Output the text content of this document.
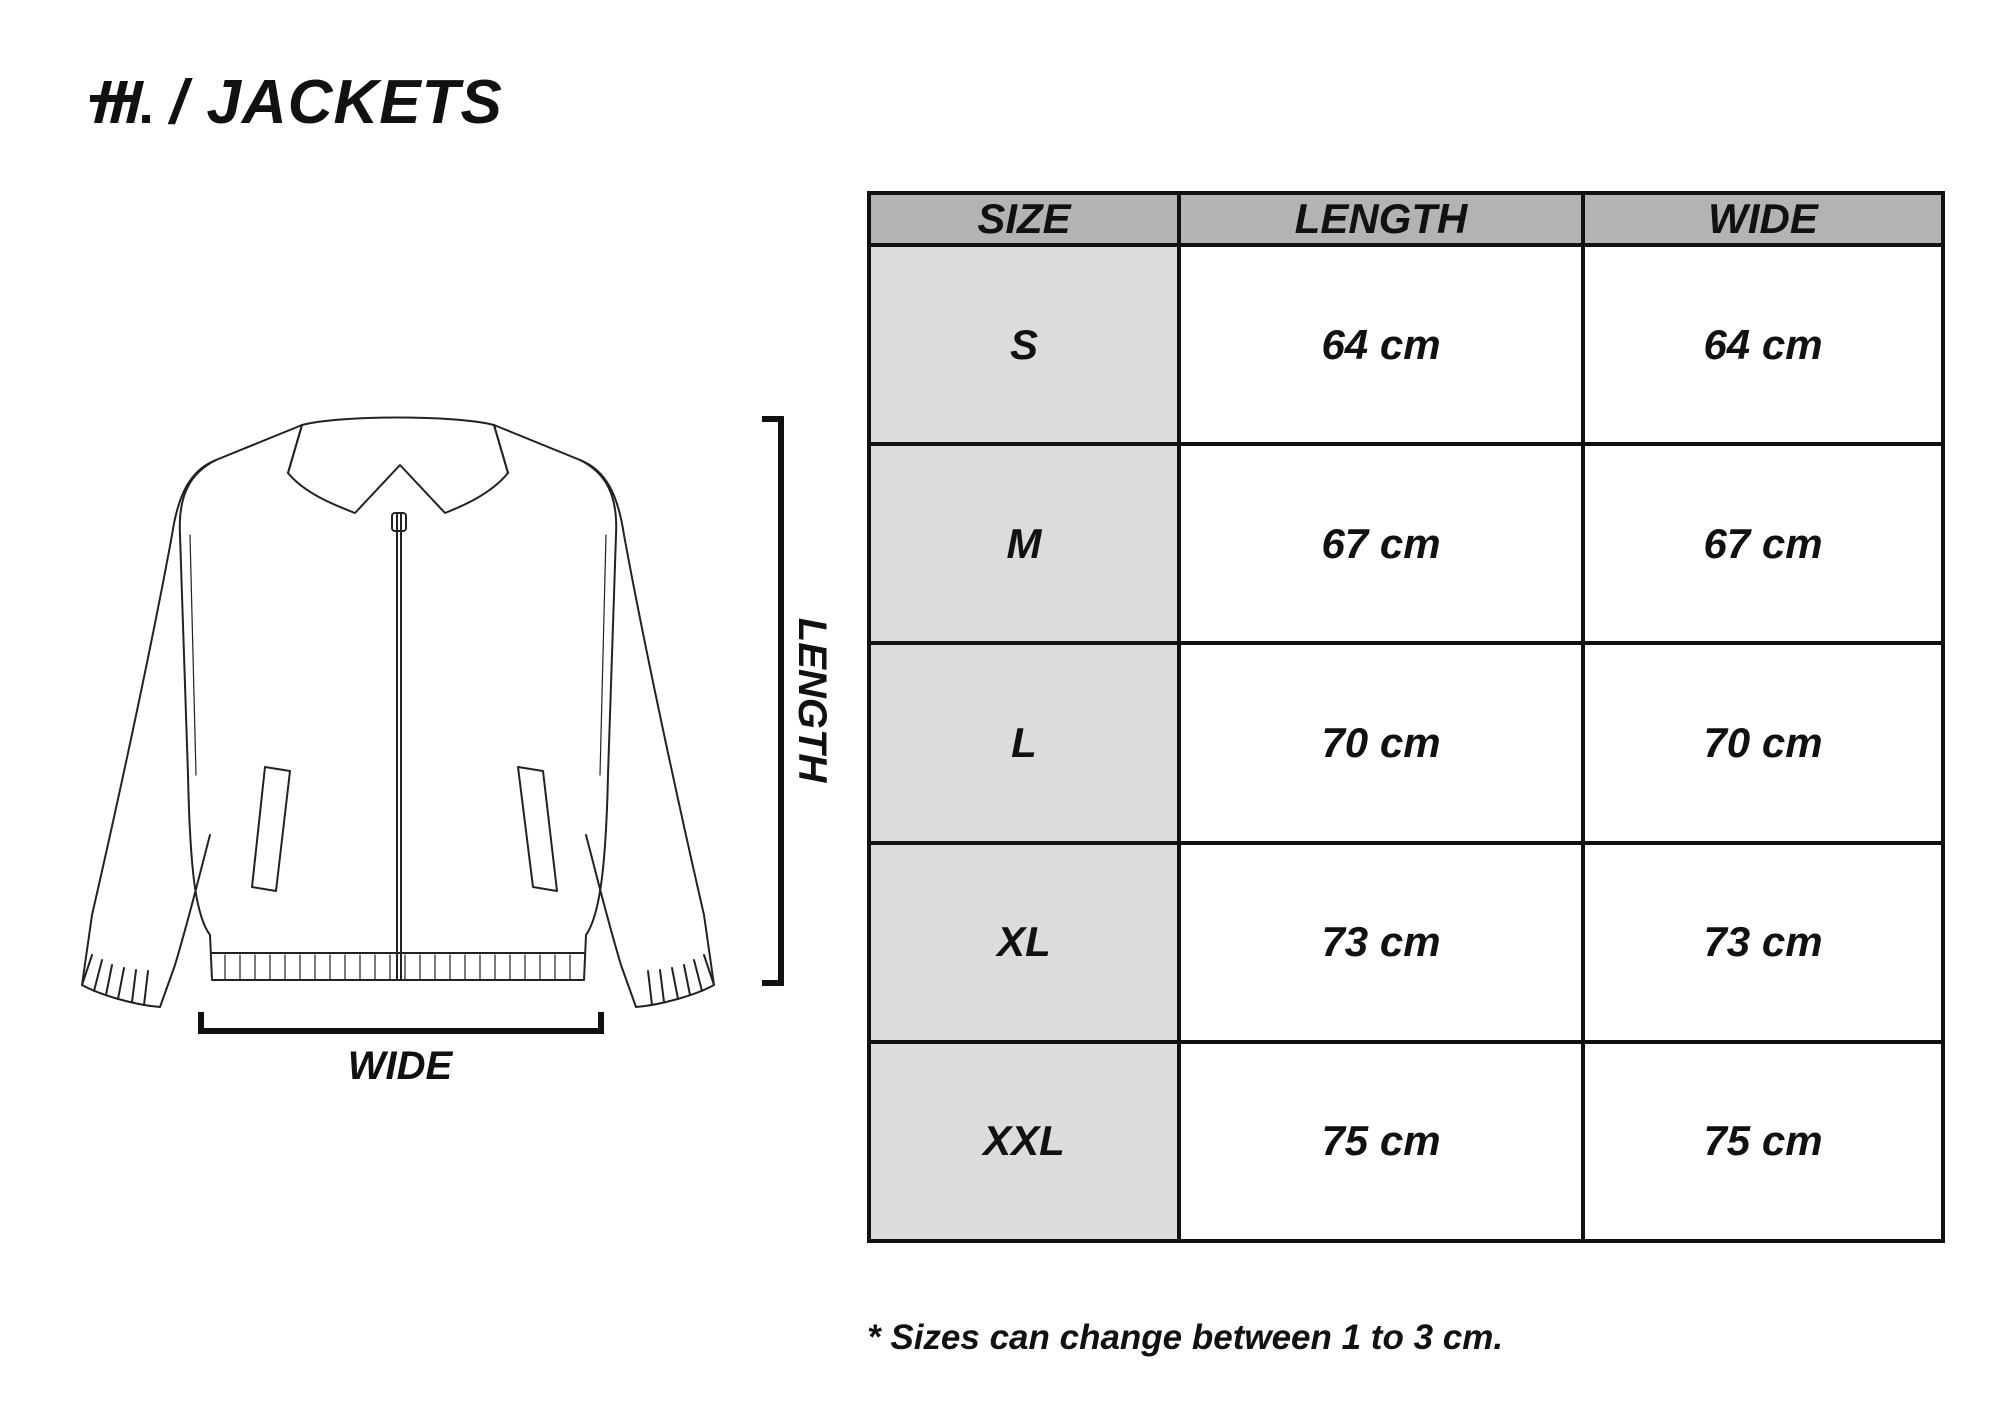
/ JACKETS
LENGTH
WIDE
SIZE	LENGTH	WIDE
S	64 cm	64 cm
M	67 cm	67 cm
L	70 cm	70 cm
XL	73 cm	73 cm
XXL	75 cm	75 cm
* Sizes can change between 1 to 3 cm.
